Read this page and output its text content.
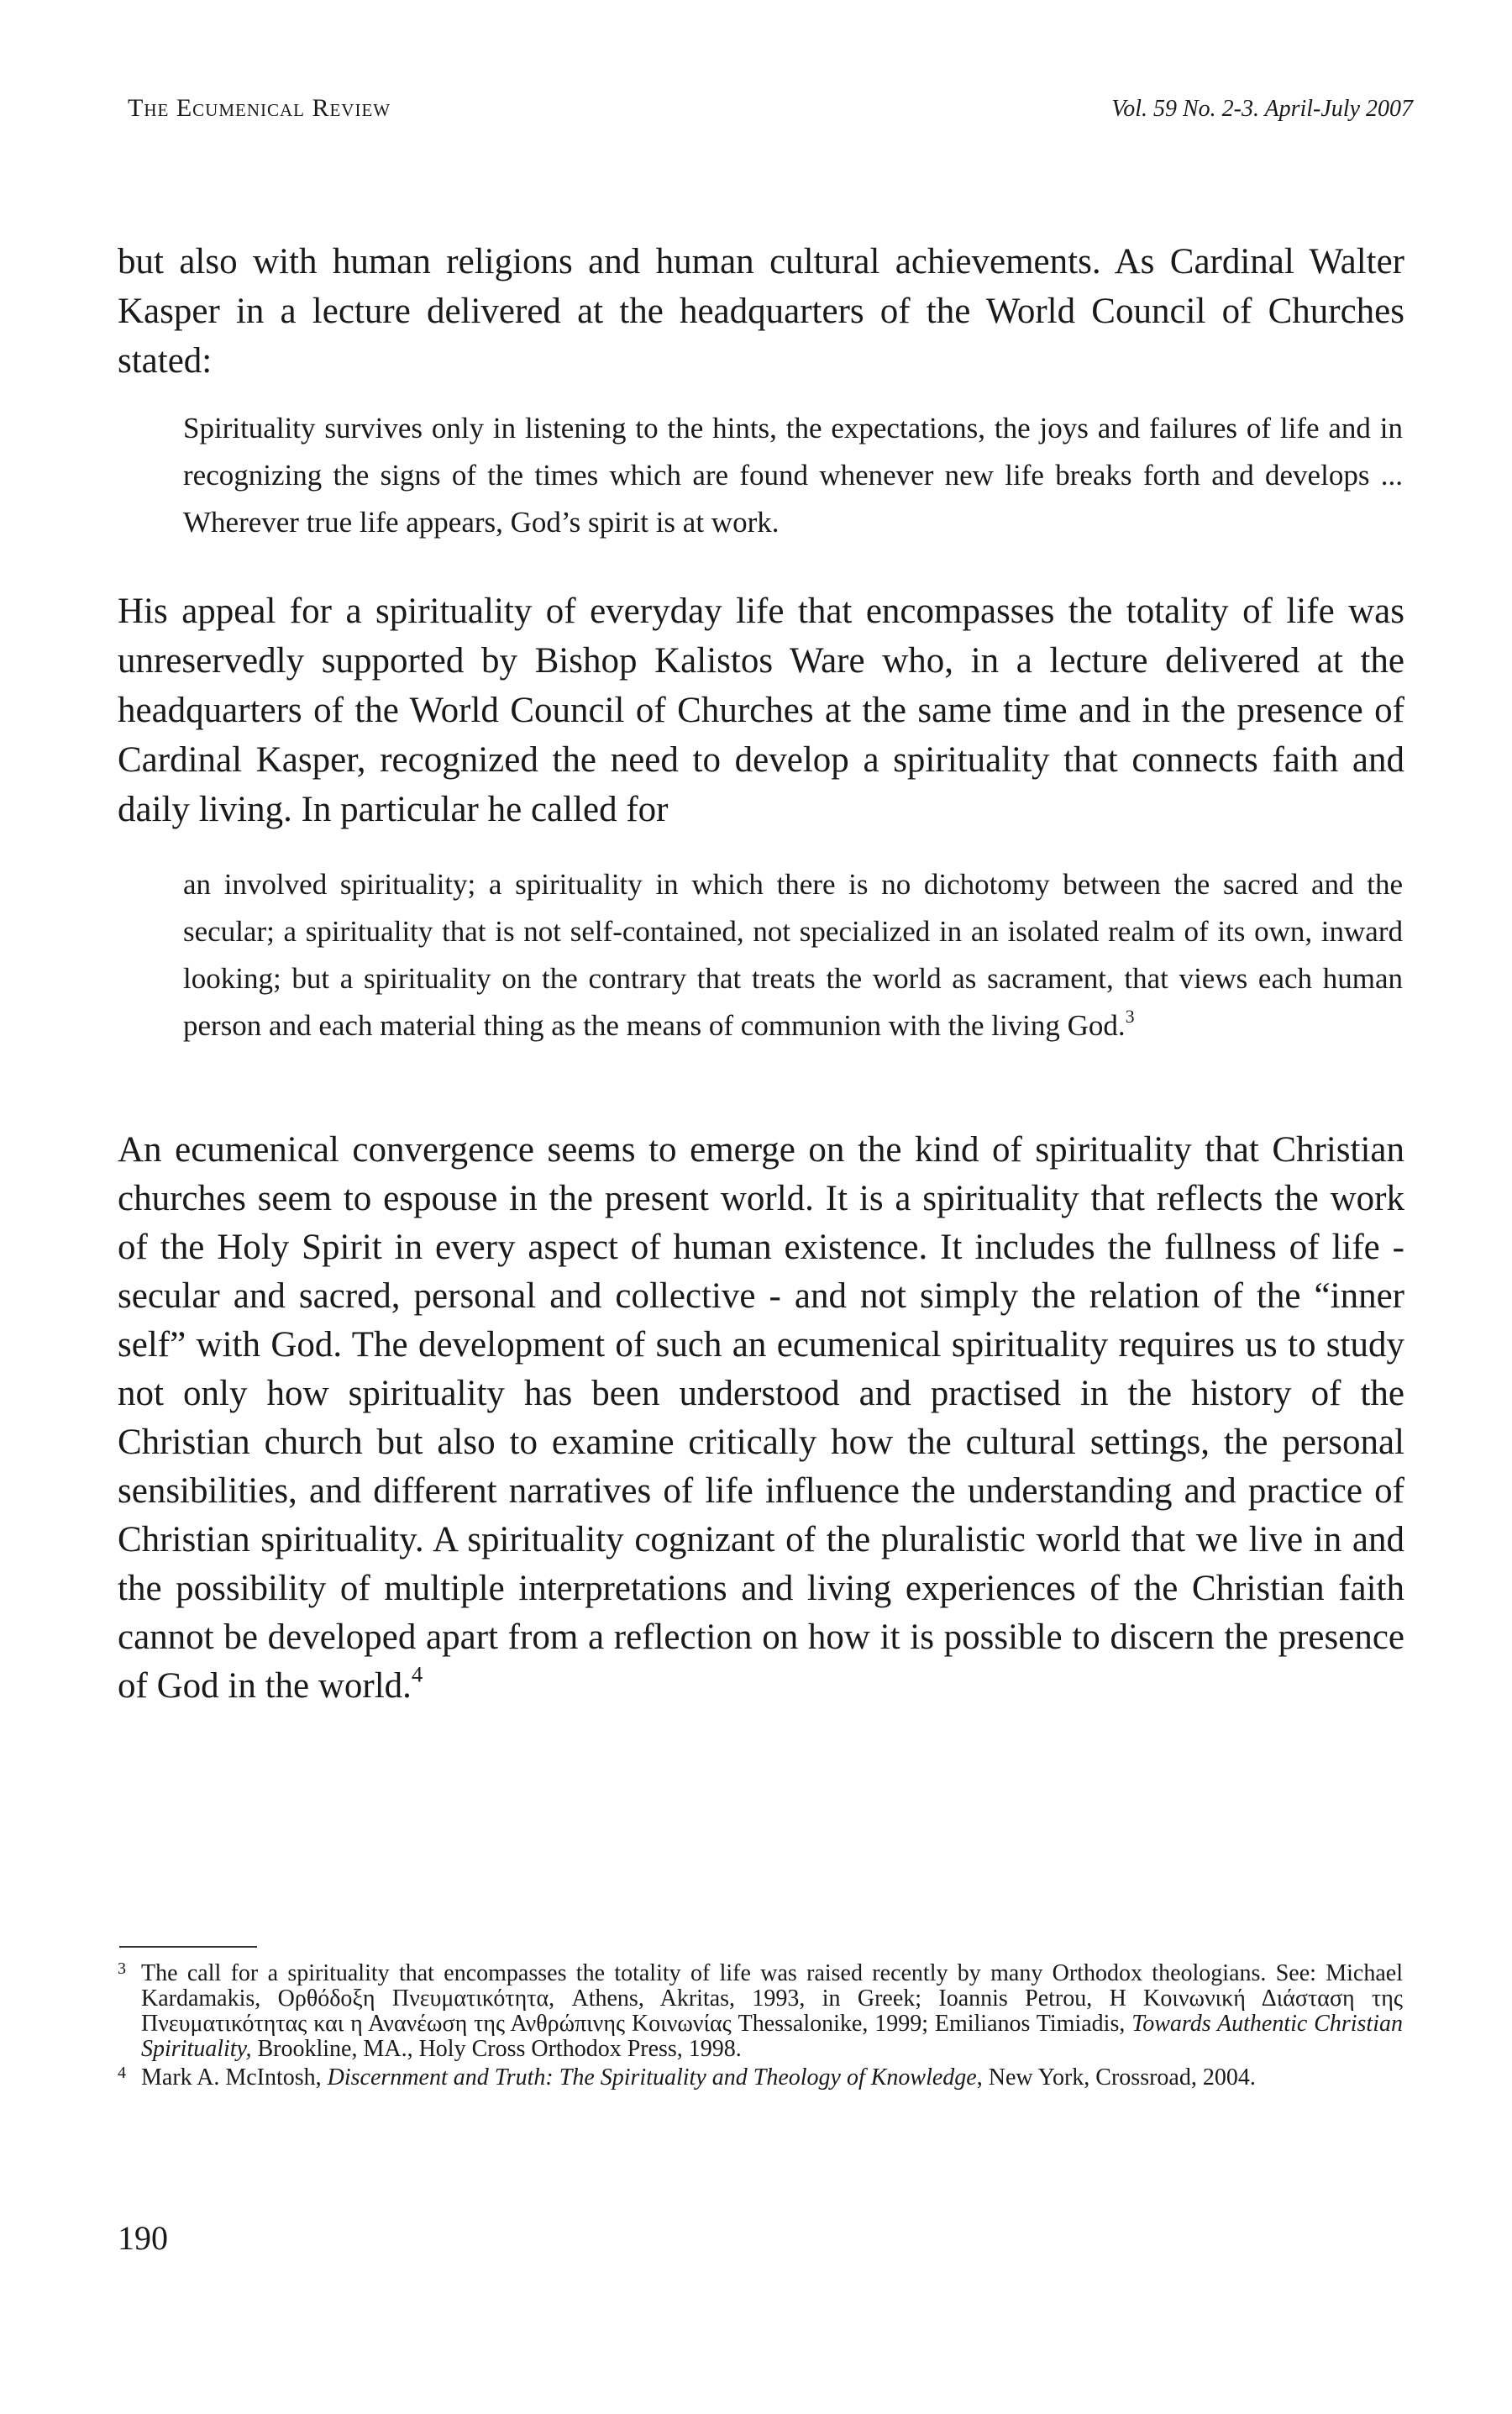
The Ecumenical Review	Vol. 59 No. 2-3. April-July 2007

but also with human religions and human cultural achievements. As Cardinal Walter Kasper in a lecture delivered at the headquarters of the World Council of Churches stated:

Spirituality survives only in listening to the hints, the expectations, the joys and failures of life and in recognizing the signs of the times which are found whenever new life breaks forth and develops ... Wherever true life appears, God’s spirit is at work.

His appeal for a spirituality of everyday life that encompasses the totality of life was unreservedly supported by Bishop Kalistos Ware who, in a lecture delivered at the headquarters of the World Council of Churches at the same time and in the presence of Cardinal Kasper, recognized the need to develop a spirituality that connects faith and daily living. In particular he called for

an involved spirituality; a spirituality in which there is no dichotomy between the sacred and the secular; a spirituality that is not self-contained, not specialized in an isolated realm of its own, inward looking; but a spirituality on the contrary that treats the world as sacrament, that views each human person and each material thing as the means of communion with the living God.$^3$

An ecumenical convergence seems to emerge on the kind of spirituality that Christian churches seem to espouse in the present world. It is a spirituality that reflects the work of the Holy Spirit in every aspect of human existence. It includes the fullness of life -secular and sacred, personal and collective - and not simply the relation of the “inner self” with God. The development of such an ecumenical spirituality requires us to study not only how spirituality has been understood and practised in the history of the Christian church but also to examine critically how the cultural settings, the personal sensibilities, and different narratives of life influence the understanding and practice of Christian spirituality. A spirituality cognizant of the pluralistic world that we live in and the possibility of multiple interpretations and living experiences of the Christian faith cannot be developed apart from a reflection on how it is possible to discern the presence of God in the world.$^4$

3 The call for a spirituality that encompasses the totality of life was raised recently by many Orthodox theologians. See: Michael Kardamakis, Ορθόδοξη Πνευματικότητα, Athens, Akritas, 1993, in Greek; Ioannis Petrou, Η Κοινωνική Διάσταση της Πνευματικότητας και η Ανανέωση της Ανθρώπινης Κοινωνίας Thessalonike, 1999; Emilianos Timiadis, Towards Authentic Christian Spirituality, Brookline, MA., Holy Cross Orthodox Press, 1998.
4 Mark A. McIntosh, Discernment and Truth: The Spirituality and Theology of Knowledge, New York, Crossroad, 2004.
190
